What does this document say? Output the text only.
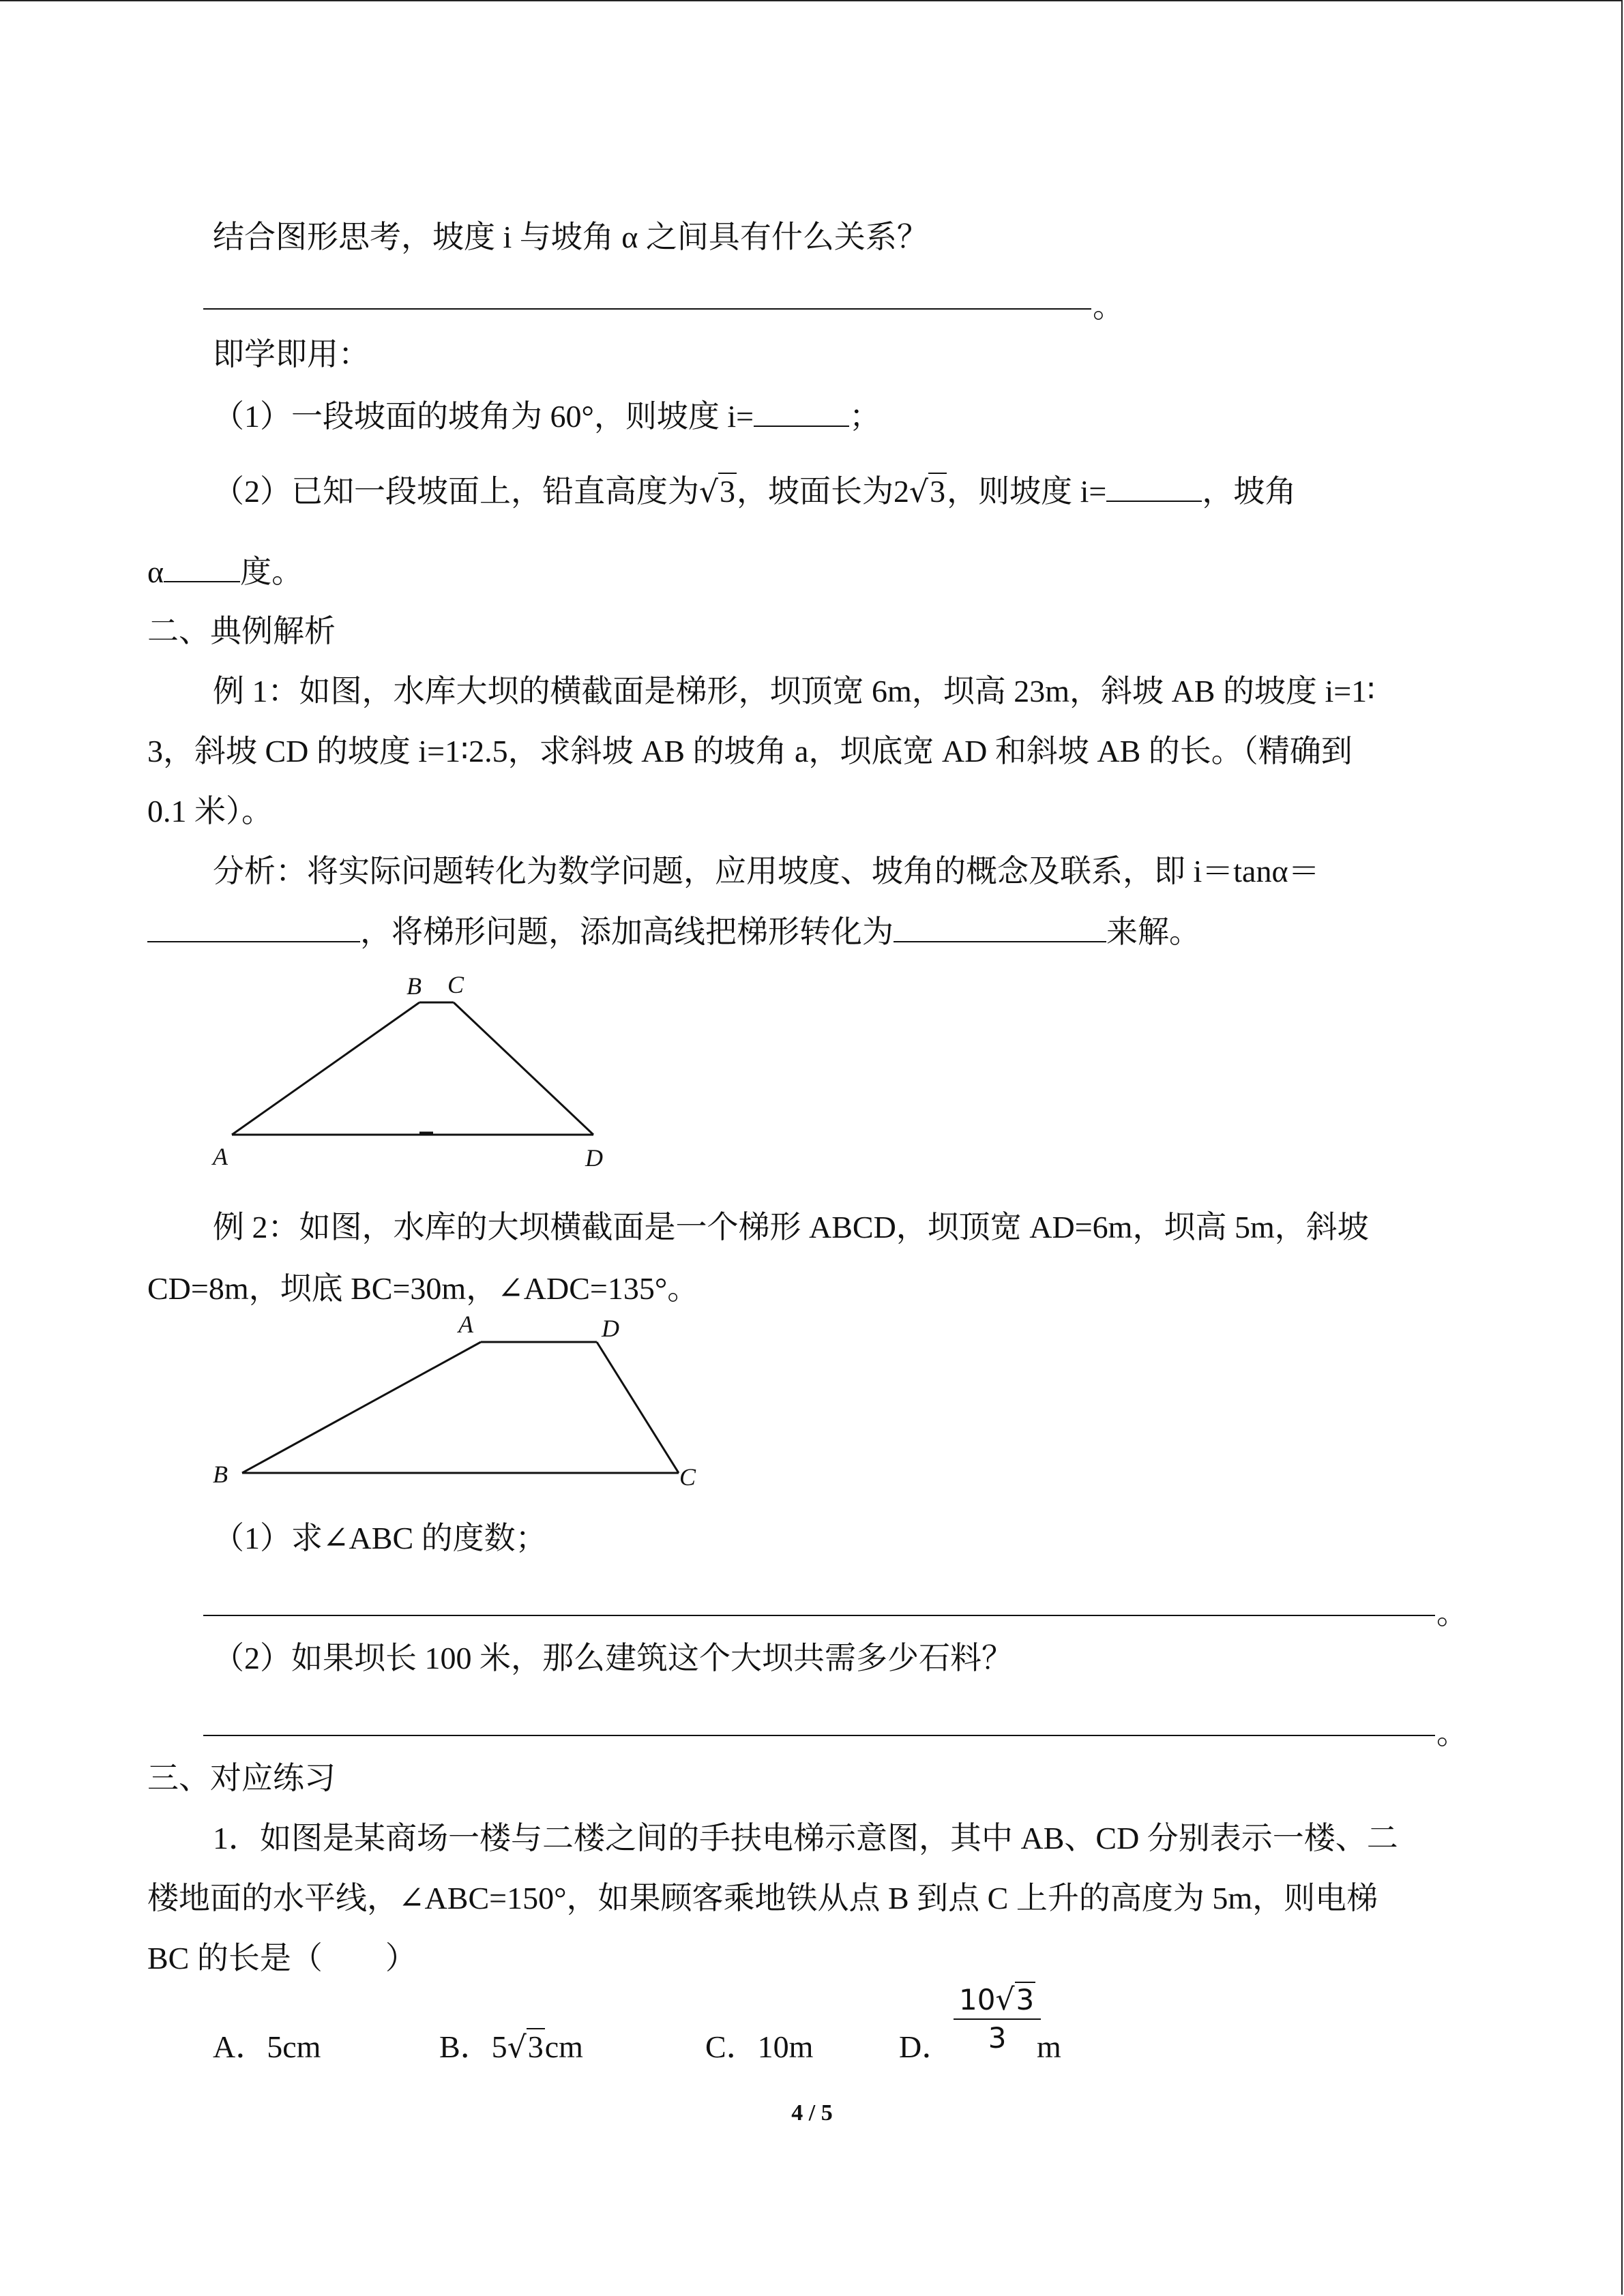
结合图形思考，坡度 i 与坡角 α 之间具有什么关系？
。
即学即用：
（1）一段坡面的坡角为 60°，则坡度 i=	；
（2）已知一段坡面上，铅直高度为√3，坡面长为2√3，则坡度 i=	，坡角
α 度。
二、典例解析
例 1：如图，水库大坝的横截面是梯形，坝顶宽 6m，坝高 23m，斜坡 AB 的坡度 i=1∶
3，斜坡 CD 的坡度 i=1∶2.5，求斜坡 AB 的坡角 a，坝底宽 AD 和斜坡 AB 的长。（精确到
0.1 米）。
分析：将实际问题转化为数学问题，应用坡度、坡角的概念及联系，即 i＝tanα＝
，将梯形问题，添加高线把梯形转化为	来解。
B C
A	D
例 2：如图，水库的大坝横截面是一个梯形 ABCD，坝顶宽 AD=6m，坝高 5m，斜坡
CD=8m，坝底 BC=30m，∠ADC=135°。
A	D
B	C
（1）求∠ABC 的度数；
。
（2）如果坝长 100 米，那么建筑这个大坝共需多少石料？
。
三、对应练习
1．如图是某商场一楼与二楼之间的手扶电梯示意图，其中 AB、CD 分别表示一楼、二
楼地面的水平线，∠ABC=150°，如果顾客乘地铁从点 B 到点 C 上升的高度为 5m，则电梯
BC 的长是（　　）
A．5cm	B．5√3cm	C．10m	D． $\frac{10√3}{3}$
m
4 / 5
